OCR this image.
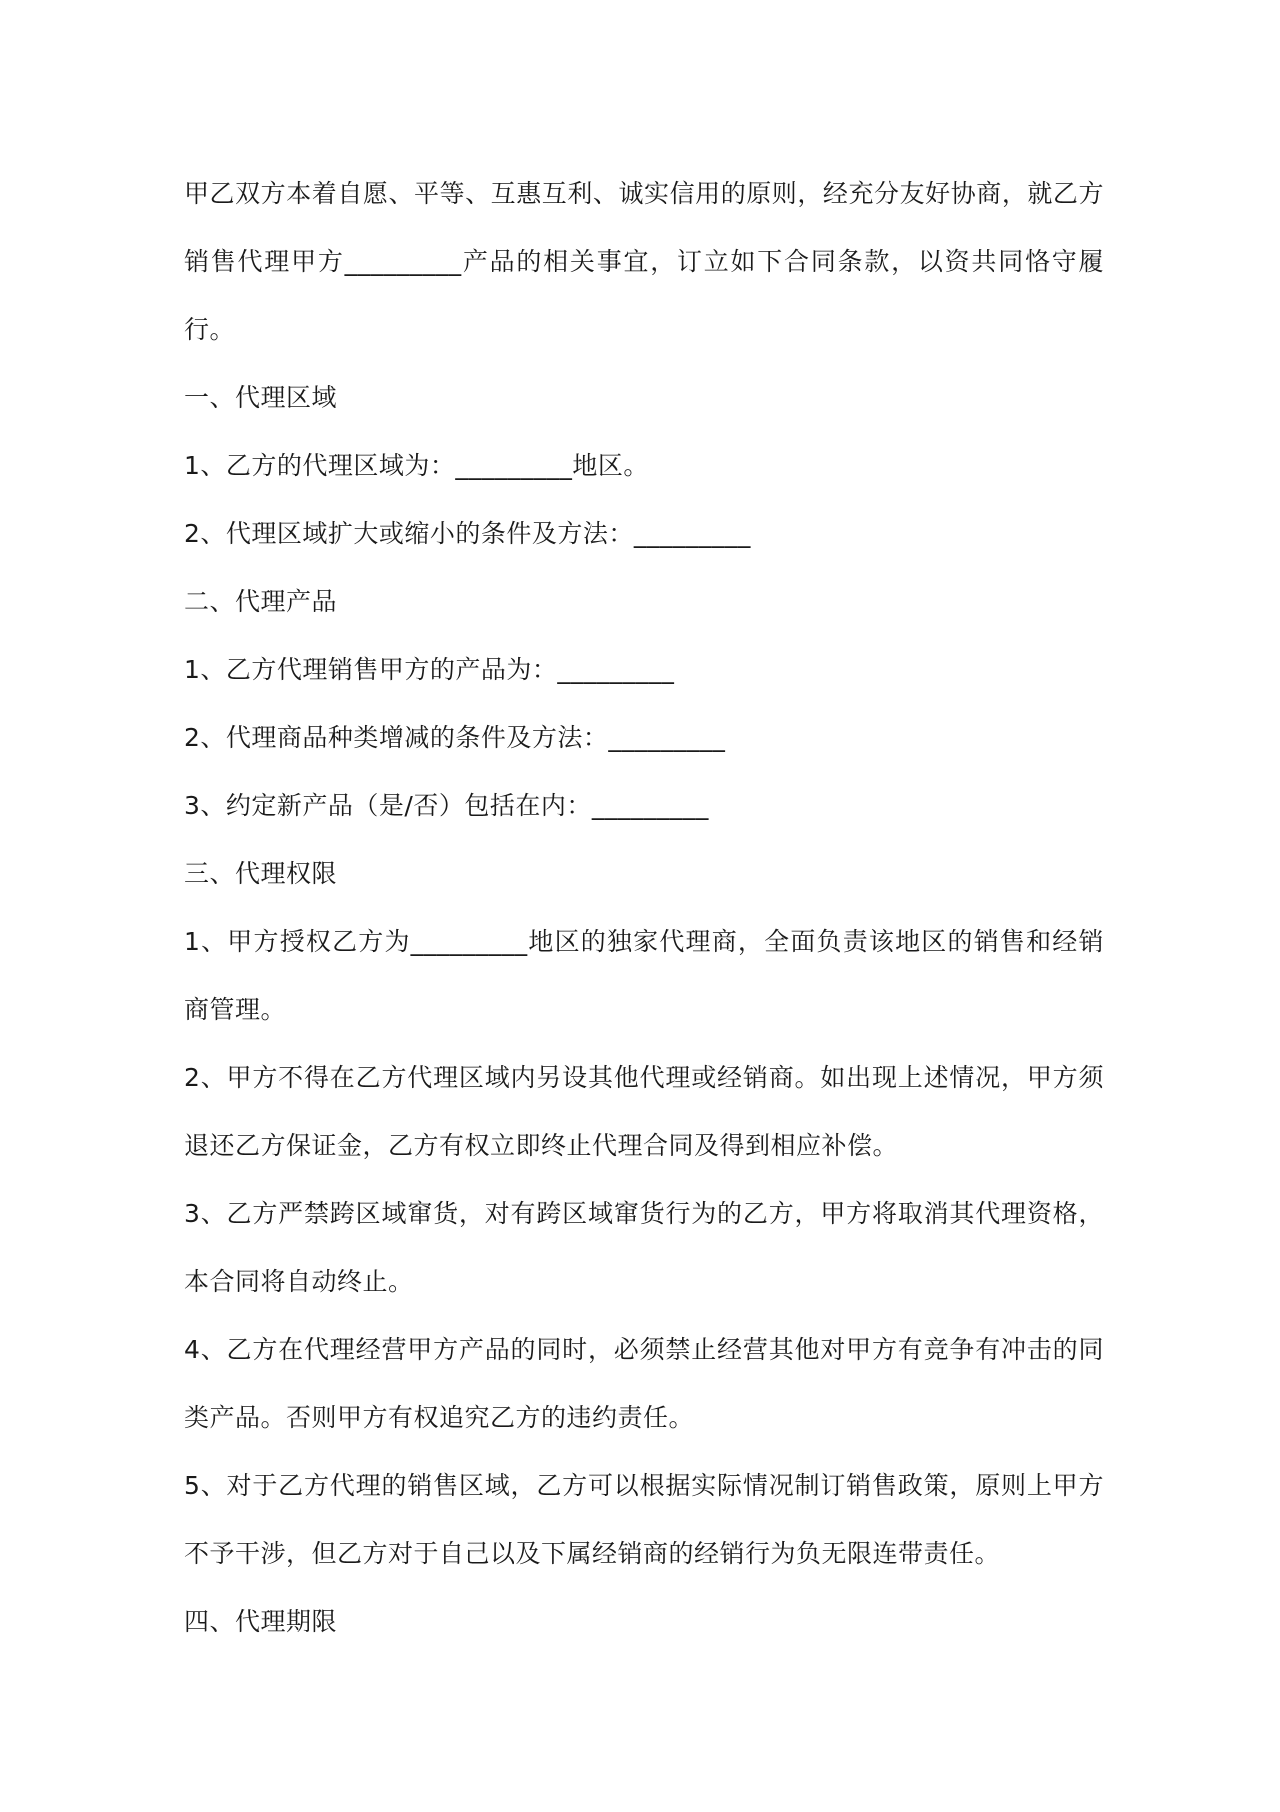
甲乙双方本着自愿、平等、互惠互利、诚实信用的原则，经充分友好协商，就乙方销售代理甲方_________产品的相关事宜，订立如下合同条款，以资共同恪守履行。

一、代理区域

1、乙方的代理区域为：_________地区。

2、代理区域扩大或缩小的条件及方法：_________

二、代理产品

1、乙方代理销售甲方的产品为：_________

2、代理商品种类增减的条件及方法：_________

3、约定新产品（是/否）包括在内：_________

三、代理权限

1、甲方授权乙方为_________地区的独家代理商，全面负责该地区的销售和经销商管理。

2、甲方不得在乙方代理区域内另设其他代理或经销商。如出现上述情况，甲方须退还乙方保证金，乙方有权立即终止代理合同及得到相应补偿。

3、乙方严禁跨区域窜货，对有跨区域窜货行为的乙方，甲方将取消其代理资格，本合同将自动终止。

4、乙方在代理经营甲方产品的同时，必须禁止经营其他对甲方有竞争有冲击的同类产品。否则甲方有权追究乙方的违约责任。

5、对于乙方代理的销售区域，乙方可以根据实际情况制订销售政策，原则上甲方不予干涉，但乙方对于自己以及下属经销商的经销行为负无限连带责任。

四、代理期限
